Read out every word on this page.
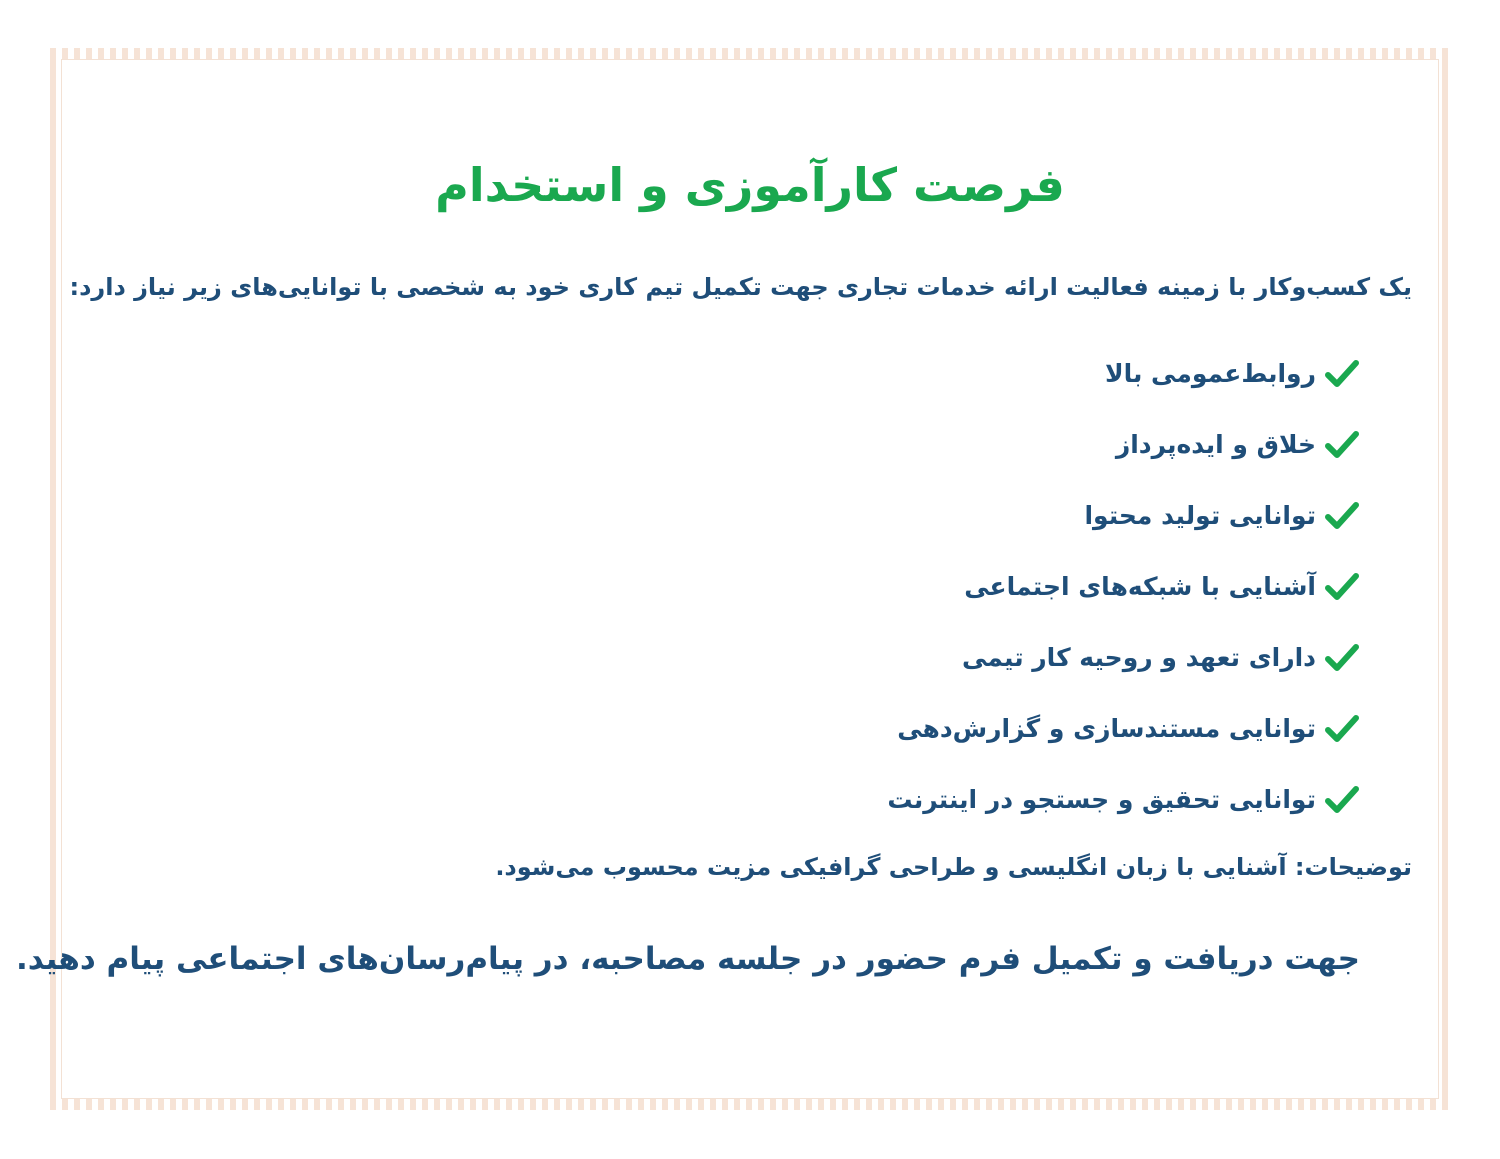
فرصت کارآموزی و استخدام

یک کسب‌وکار با زمینه فعالیت ارائه خدمات تجاری جهت تکمیل تیم کاری خود به شخصی با توانایی‌های زیر نیاز دارد:

روابط‌عمومی بالا
خلاق و ایده‌پرداز
توانایی تولید محتوا
آشنایی با شبکه‌های اجتماعی
دارای تعهد و روحیه کار تیمی
توانایی مستندسازی و گزارش‌دهی
توانایی تحقیق و جستجو در اینترنت

توضیحات: آشنایی با زبان انگلیسی و طراحی گرافیکی مزیت محسوب می‌شود.

جهت دریافت و تکمیل فرم حضور در جلسه مصاحبه، در پیام‌رسان‌های اجتماعی پیام دهید.
